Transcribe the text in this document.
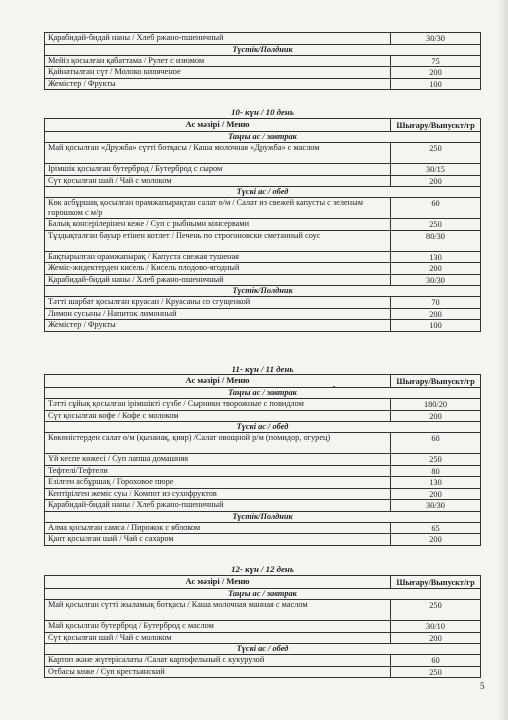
Қарабидай-бидай наны / Хлеб ржано-пшеничный	30/30
Түстік/Полдник	
Мейіз қосылған қабаттама / Рулет с изюмом	75
Қайнатылған сүт / Молоко кипяченое	200
Жемістер / Фрукты	100
10- күн / 10 день
Ас мәзірі / Меню	Шығару/Выпускт/гр
Таңғы ас / завтрак	
Май қосылған «Дружба» сүтті ботқасы / Каша молочная «Дружба» с маслом	250
Ірімшік қосылған бутерброд / Бутерброд с сыром	30/15
Сүт қосылған шай / Чай с молоком	200
Түскі ас / обед	
Көк асбұршақ қосылған орамжапырақтан салат ө/м / Салат из свежей капусты с зеленым горошком с м/р	60
Балық консерілерінен кеже / Суп с рыбными консервами	250
Тұздықталған бауыр етінен котлет / Печень по строгоновски сметанный соус	80/30
Бақтырылған орамжапырақ / Капуста свежая тушеная	130
Жеміс-жидектерден кисель / Кисель плодово-ягодный	200
Қарабидай-бидай наны / Хлеб ржано-пшеничный	30/30
Түстік/Полдник	
Тәтті шарбат қосылған круасан / Круасаны со сгущенкой	70
Лимон сусыны / Напиток лимонный	200
Жемістер / Фрукты	100
11- күн / 11 день
Ас мәзірі / Меню	Шығару/Выпускт/гр
Таңғы ас / завтрак	
Тәтті сұйық қосылған ірімшікті сүзбе / Сырники творожные с повидлом	180/20
Сүт қосылған кофе / Кофе с молоком	200
Түскі ас / обед	
Көкөністерден салат ө/м (қызанақ, қияр) /Салат овощной р/м (помидор, огурец)	60
Үй кеспе көжесі / Суп лапша домашняя	250
Тефтелі/Тефтели	80
Езілген асбұршақ / Гороховое пюре	130
Кептірілген жеміс суы / Компот из сухофруктов	200
Қарабидай-бидай наны / Хлеб ржано-пшеничный	30/30
Түстік/Полдник	
Алма қосылған самса / Пирожок с яблоком	65
Қант қосылған шай / Чай с сахаром	200
12- күн / 12 день
Ас мәзірі / Меню	Шығару/Выпускт/гр
Таңғы ас / завтрак	
Май қосылған сүтті жыламық ботқасы / Каша молочная манная с маслом	250
Май қосылған бутерброд / Бутерброд с маслом	30/10
Сүт қосылған шай / Чай с молоком	200
Түскі ас / обед	
Картоп және жүгерісалаты /Салат картофельный с кукурузой	60
Отбасы көже / Суп крестьянский	250
5
